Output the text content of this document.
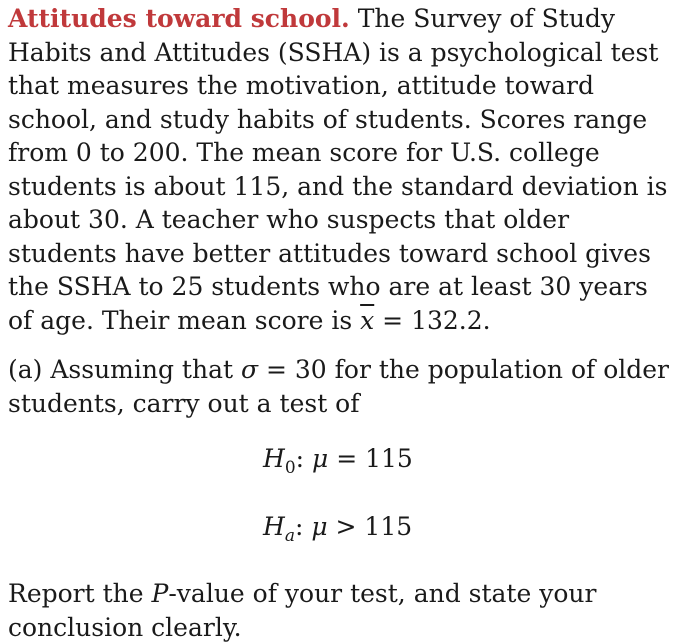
Attitudes toward school. The Survey of Study Habits and Attitudes (SSHA) is a psychological test that measures the motivation, attitude toward school, and study habits of students. Scores range from 0 to 200. The mean score for U.S. college students is about 115, and the standard deviation is about 30. A teacher who suspects that older students have better attitudes toward school gives the SSHA to 25 students who are at least 30 years of age. Their mean score is $\overline{x} = 132.2$.

(a) Assuming that σ = 30 for the population of older students, carry out a test of

$H_0$: μ = 115
$H_a$: μ > 115

Report the P-value of your test, and state your conclusion clearly.
